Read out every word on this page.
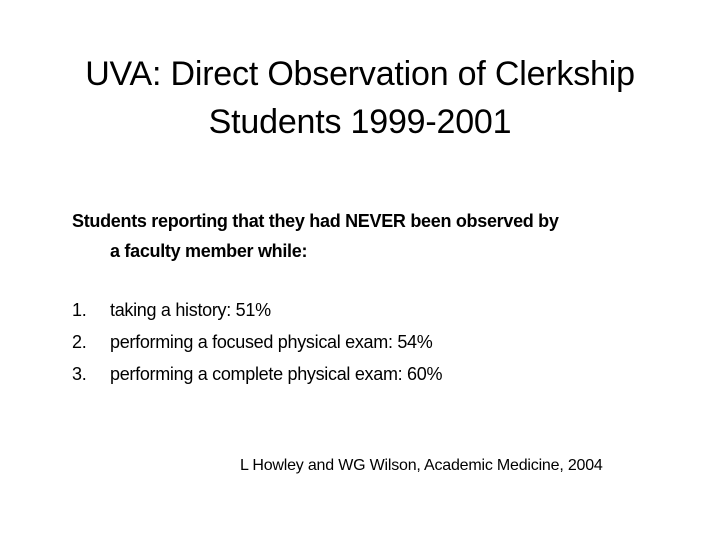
UVA: Direct Observation of Clerkship
Students 1999-2001
Students reporting that they had NEVER been observed by
a faculty member while:
1.	taking a history: 51%
2.	performing a focused physical exam: 54%
3.	performing a complete physical exam: 60%
L Howley and WG Wilson, Academic Medicine, 2004
